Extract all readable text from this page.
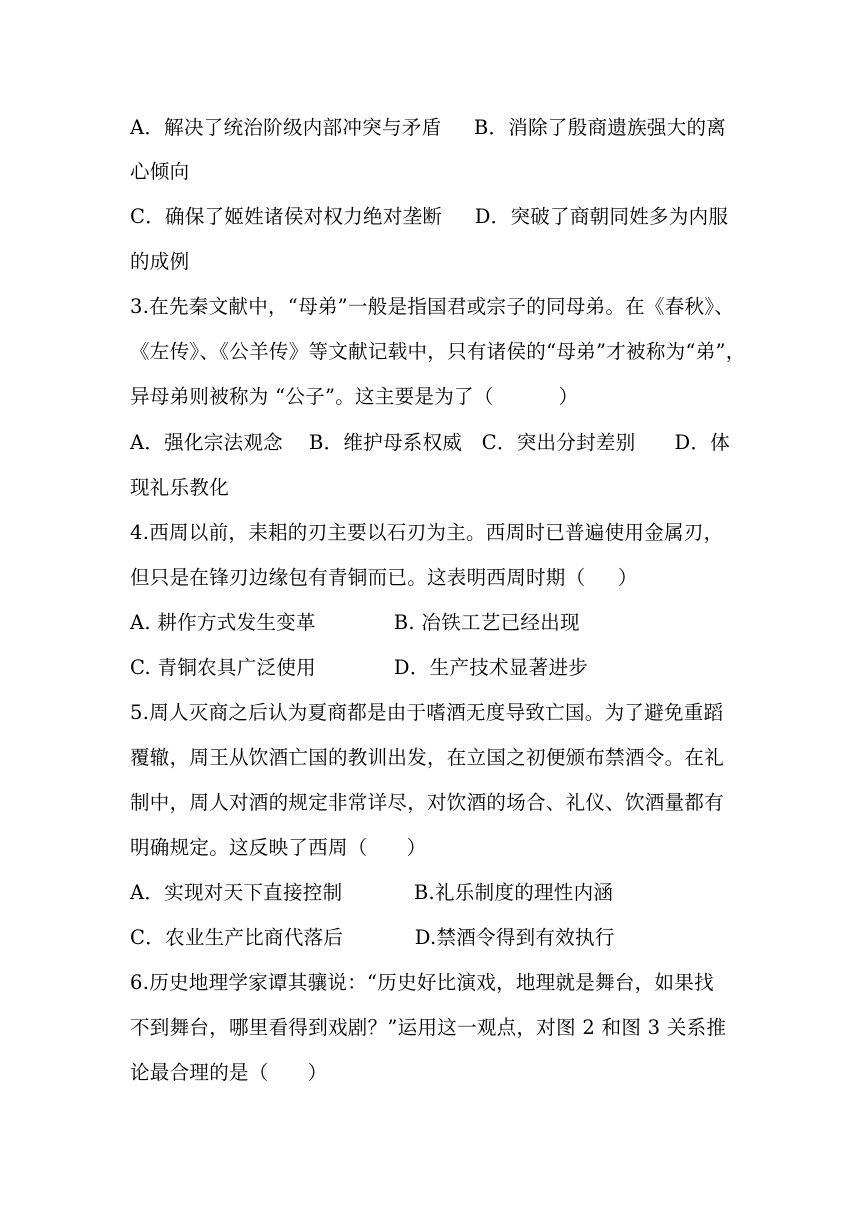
A．解决了统治阶级内部冲突与矛盾     B．消除了殷商遗族强大的离
心倾向
C．确保了姬姓诸侯对权力绝对垄断     D．突破了商朝同姓多为内服
的成例
3.在先秦文献中，“母弟”一般是指国君或宗子的同母弟。在《春秋》、
《左传》、《公羊传》等文献记载中，只有诸侯的“母弟”才被称为“弟”，
异母弟则被称为 “公子”。这主要是为了（          ）
A．强化宗法观念    B．维护母系权威   C．突出分封差别      D．体
现礼乐教化
4.西周以前，耒耜的刃主要以石刃为主。西周时已普遍使用金属刃，
但只是在锋刃边缘包有青铜而已。这表明西周时期（     ）
A. 耕作方式发生变革            B. 冶铁工艺已经出现
C. 青铜农具广泛使用            D．生产技术显著进步
5.周人灭商之后认为夏商都是由于嗜酒无度导致亡国。为了避免重蹈
覆辙，周王从饮酒亡国的教训出发，在立国之初便颁布禁酒令。在礼
制中，周人对酒的规定非常详尽，对饮酒的场合、礼仪、饮酒量都有
明确规定。这反映了西周（      ）
A．实现对天下直接控制           B.礼乐制度的理性内涵
C．农业生产比商代落后           D.禁酒令得到有效执行
6.历史地理学家谭其骧说：“历史好比演戏，地理就是舞台，如果找
不到舞台，哪里看得到戏剧？”运用这一观点，对图 2 和图 3 关系推
论最合理的是（      ）
